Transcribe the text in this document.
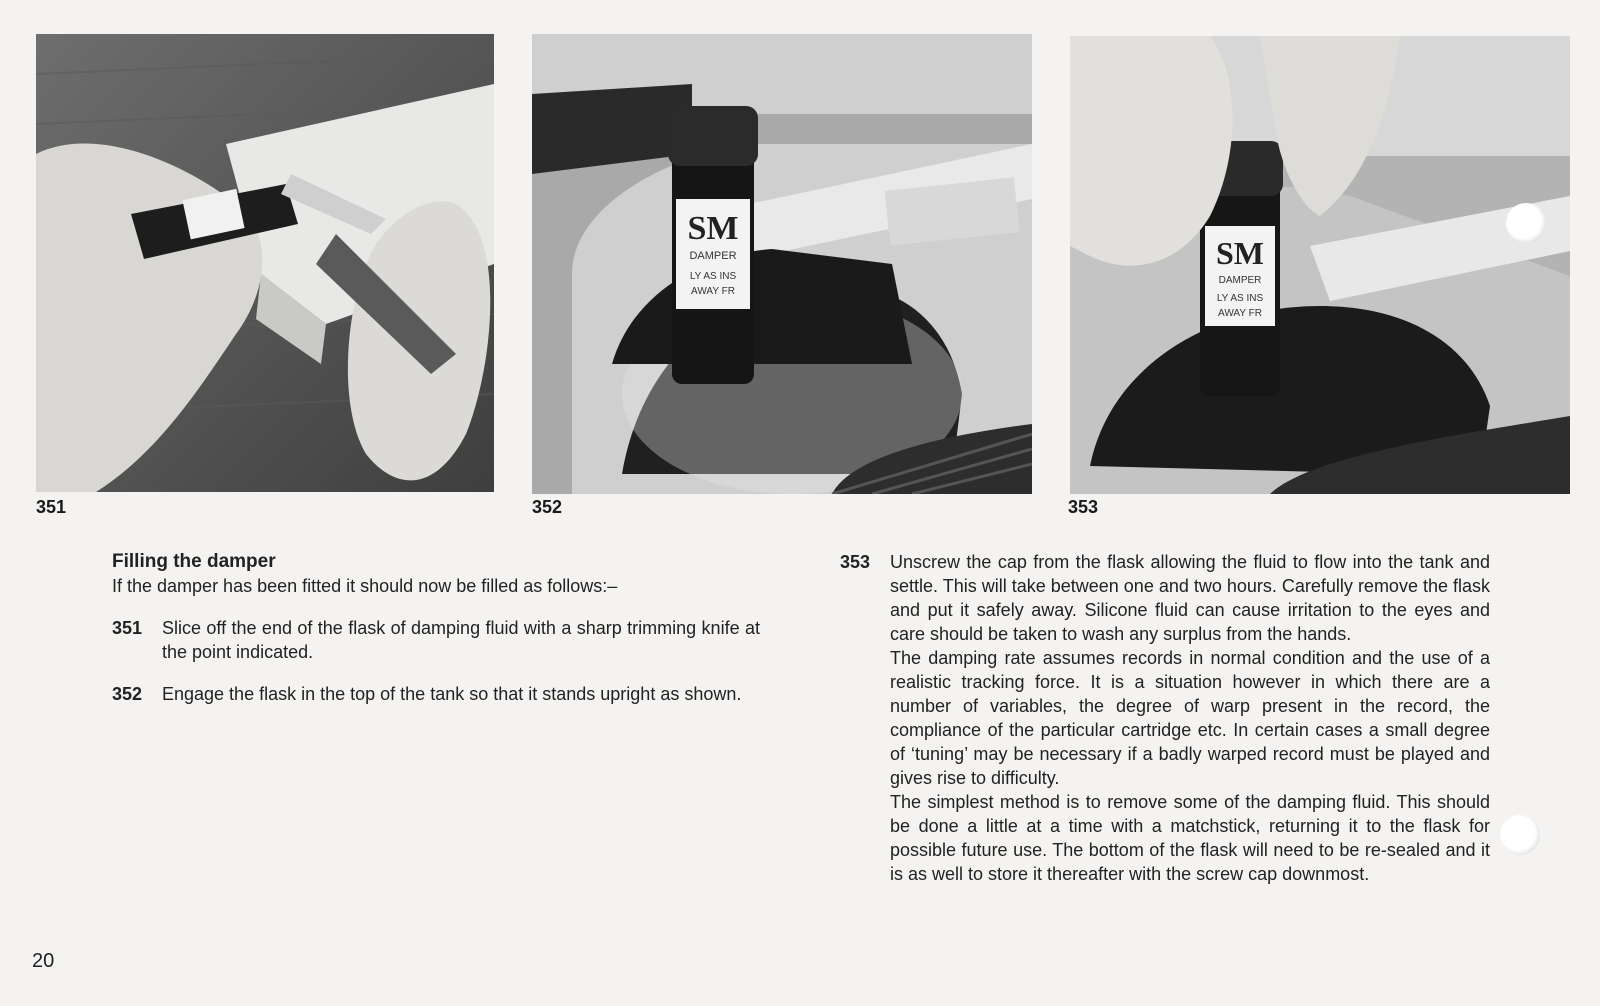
351
SM
DAMPER
LY AS INS
AWAY FR
352
SM
DAMPER
LY AS INS
AWAY FR
353
Filling the damper
If the damper has been fitted it should now be filled as follows:–
351	Slice off the end of the flask of damping fluid with a sharp trimming knife at the point indicated.
352	Engage the flask in the top of the tank so that it stands upright as shown.
353	Unscrew the cap from the flask allowing the fluid to flow into the tank and settle. This will take between one and two hours. Carefully remove the flask and put it safely away. Silicone fluid can cause irritation to the eyes and care should be taken to wash any surplus from the hands.
The damping rate assumes records in normal condition and the use of a realistic tracking force. It is a situation however in which there are a number of variables, the degree of warp present in the record, the compliance of the particular cartridge etc. In certain cases a small degree of ‘tuning’ may be necessary if a badly warped record must be played and gives rise to difficulty.
The simplest method is to remove some of the damping fluid. This should be done a little at a time with a matchstick, returning it to the flask for possible future use. The bottom of the flask will need to be re-sealed and it is as well to store it thereafter with the screw cap downmost.
20
